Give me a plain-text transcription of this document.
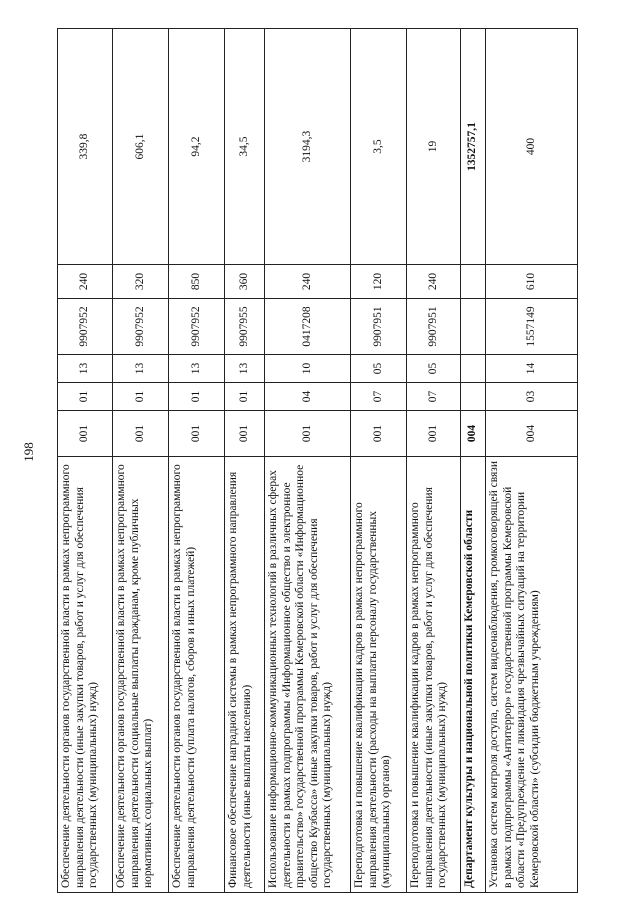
198
Обеспечение деятельности органов государственной власти в рамках непрограммного направления деятельности (иные закупки товаров, работ и услуг для обеспечения государственных (муниципальных) нужд)	001	01	13	9907952	240	339,8
Обеспечение деятельности органов государственной власти в рамках непрограммного направления деятельности (социальные выплаты гражданам, кроме публичных нормативных социальных выплат)	001	01	13	9907952	320	606,1
Обеспечение деятельности органов государственной власти в рамках непрограммного направления деятельности (уплата налогов, сборов и иных платежей)	001	01	13	9907952	850	94,2
Финансовое обеспечение наградной системы в рамках непрограммного направления деятельности (иные выплаты населению)	001	01	13	9907955	360	34,5
Использование информационно-коммуникационных технологий в различных сферах деятельности в рамках подпрограммы «Информационное общество и электронное правительство» государственной программы Кемеровской области «Информационное общество Кузбасса» (иные закупки товаров, работ и услуг для обеспечения государственных (муниципальных) нужд)	001	04	10	0417208	240	3194,3
Переподготовка и повышение квалификации кадров в рамках непрограммного направления деятельности (расходы на выплаты персоналу государственных (муниципальных) органов)	001	07	05	9907951	120	3,5
Переподготовка и повышение квалификации кадров в рамках непрограммного направления деятельности (иные закупки товаров, работ и услуг для обеспечения государственных (муниципальных) нужд)	001	07	05	9907951	240	19
Департамент культуры и национальной политики Кемеровской области	004					1352757,1
Установка систем контроля доступа, систем видеонаблюдения, громкоговорящей связи в рамках подпрограммы «Антитеррор» государственной программы Кемеровской области «Предупреждение и ликвидация чрезвычайных ситуаций на территории Кемеровской области» (субсидии бюджетным учреждениям)	004	03	14	1557149	610	400
